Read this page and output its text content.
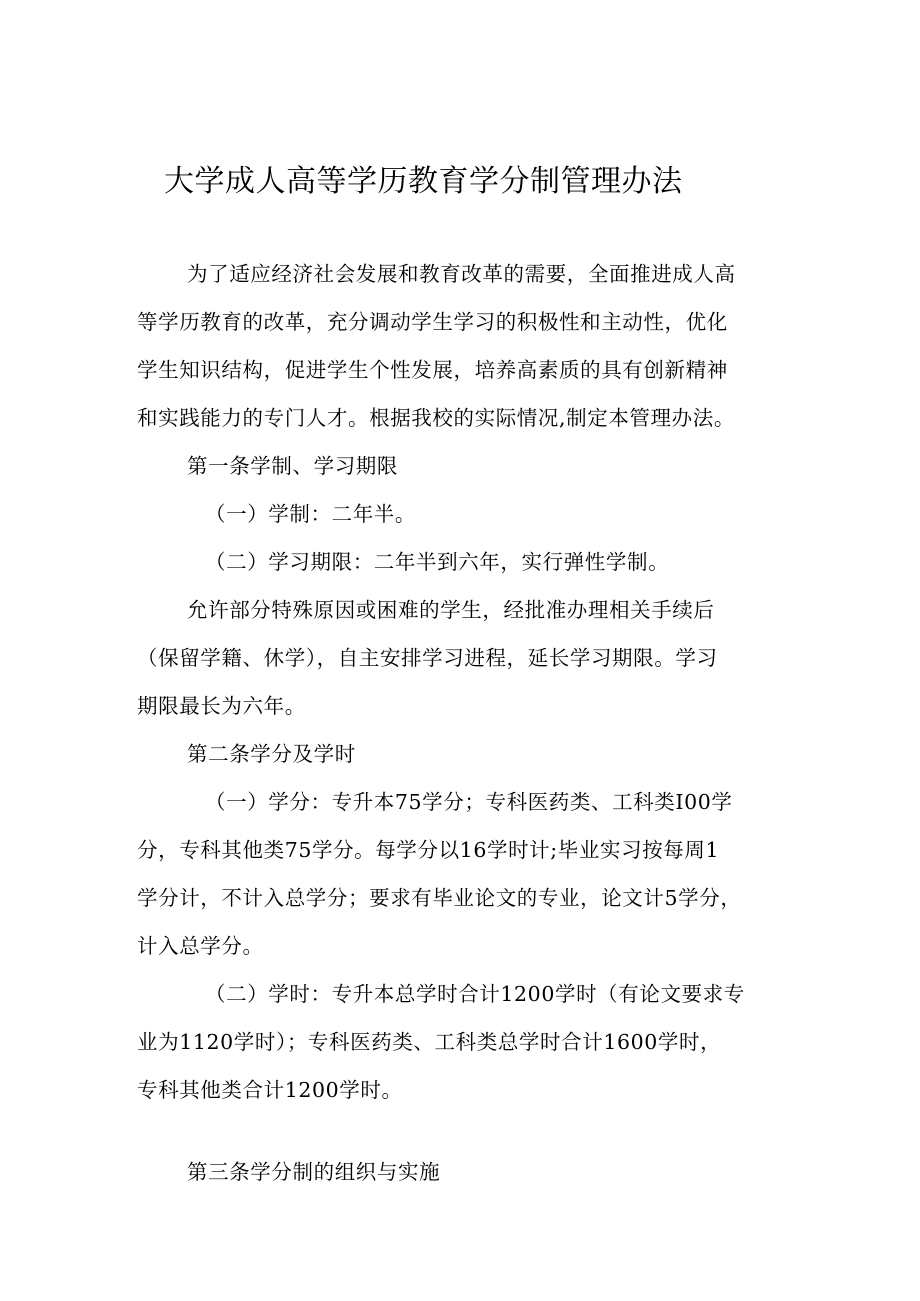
大学成人高等学历教育学分制管理办法
为了适应经济社会发展和教育改革的需要，全面推进成人高
等学历教育的改革，充分调动学生学习的积极性和主动性，优化
学生知识结构，促进学生个性发展，培养高素质的具有创新精神
和实践能力的专门人才。根据我校的实际情况,制定本管理办法。
第一条学制、学习期限
（一）学制：二年半。
（二）学习期限：二年半到六年，实行弹性学制。
允许部分特殊原因或困难的学生，经批准办理相关手续后
（保留学籍、休学），自主安排学习进程，延长学习期限。学习
期限最长为六年。
第二条学分及学时
（一）学分：专升本75学分；专科医药类、工科类I00学
分，专科其他类75学分。每学分以16学时计;毕业实习按每周1
学分计，不计入总学分；要求有毕业论文的专业，论文计5学分，
计入总学分。
（二）学时：专升本总学时合计1200学时（有论文要求专
业为1120学时）；专科医药类、工科类总学时合计1600学时，
专科其他类合计1200学时。
第三条学分制的组织与实施
